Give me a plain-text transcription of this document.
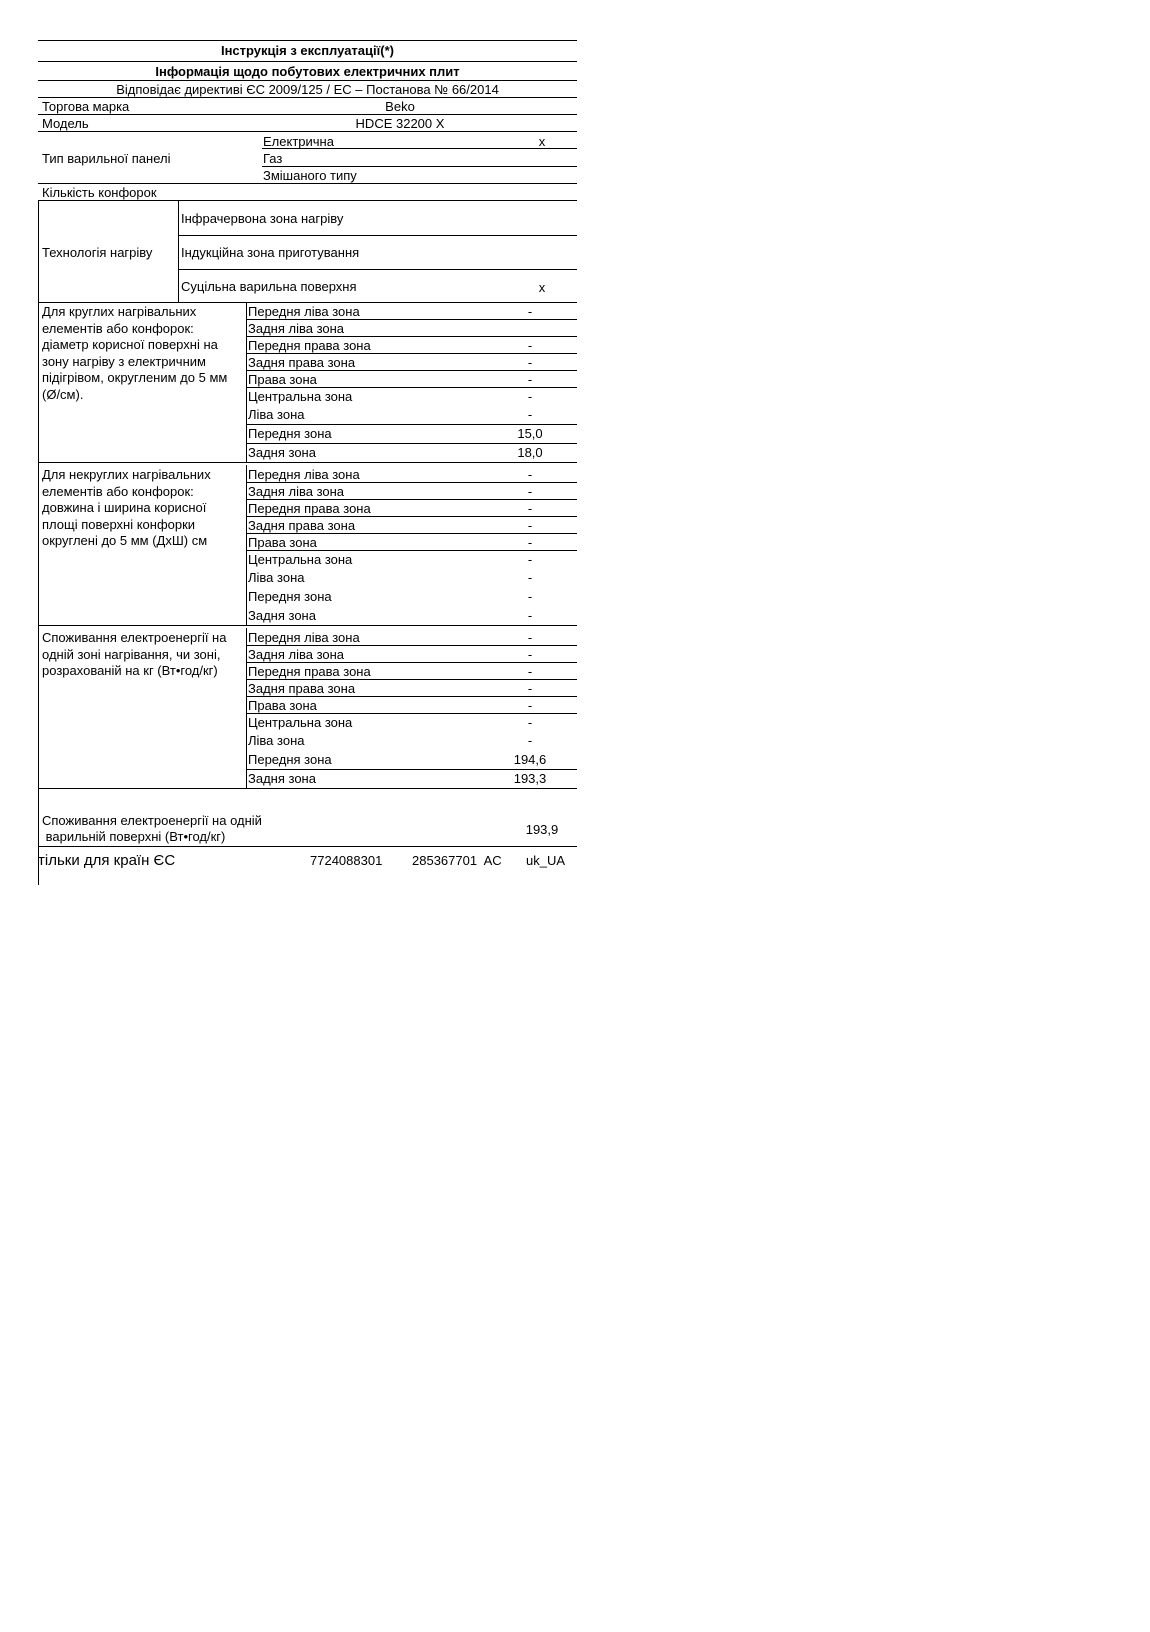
Інструкція з експлуатації(*)
Інформація щодо побутових електричних плит
Відповідає директиві ЄС 2009/125 / ЕС – Постанова № 66/2014
Торгова марка	Beko
Модель	HDCE 32200 X
Тип варильної панелі
Електрична	x
Газ
Змішаного типу
Кількість конфорок
Технологія нагріву
Інфрачервона зона нагріву
Індукційна зона приготування
Суцільна варильна поверхня	x
Для круглих нагрівальних елементів або конфорок: діаметр корисної поверхні на зону нагріву з електричним підігрівом, округленим до 5 мм (Ø/см).
Передня ліва зона	-
Задня ліва зона
Передня права зона	-
Задня права зона	-
Права зона	-
Центральна зона	-
Ліва зона	-
Передня зона	15,0
Задня зона	18,0
Для некруглих нагрівальних елементів або конфорок: довжина і ширина корисної площі поверхні конфорки округлені до 5 мм (ДхШ) см
Передня ліва зона	-
Задня ліва зона	-
Передня права зона	-
Задня права зона	-
Права зона	-
Центральна зона	-
Ліва зона	-
Передня зона	-
Задня зона	-
Споживання електроенергії на одній зоні нагрівання, чи зоні, розрахованій на кг (Вт•год/кг)
Передня ліва зона	-
Задня ліва зона	-
Передня права зона	-
Задня права зона	-
Права зона	-
Центральна зона	-
Ліва зона	-
Передня зона	194,6
Задня зона	193,3
Споживання електроенергії на одній
варильній поверхні (Вт•год/кг)	193,9
тільки для країн ЄС	7724088301 285367701  AC uk_UA
